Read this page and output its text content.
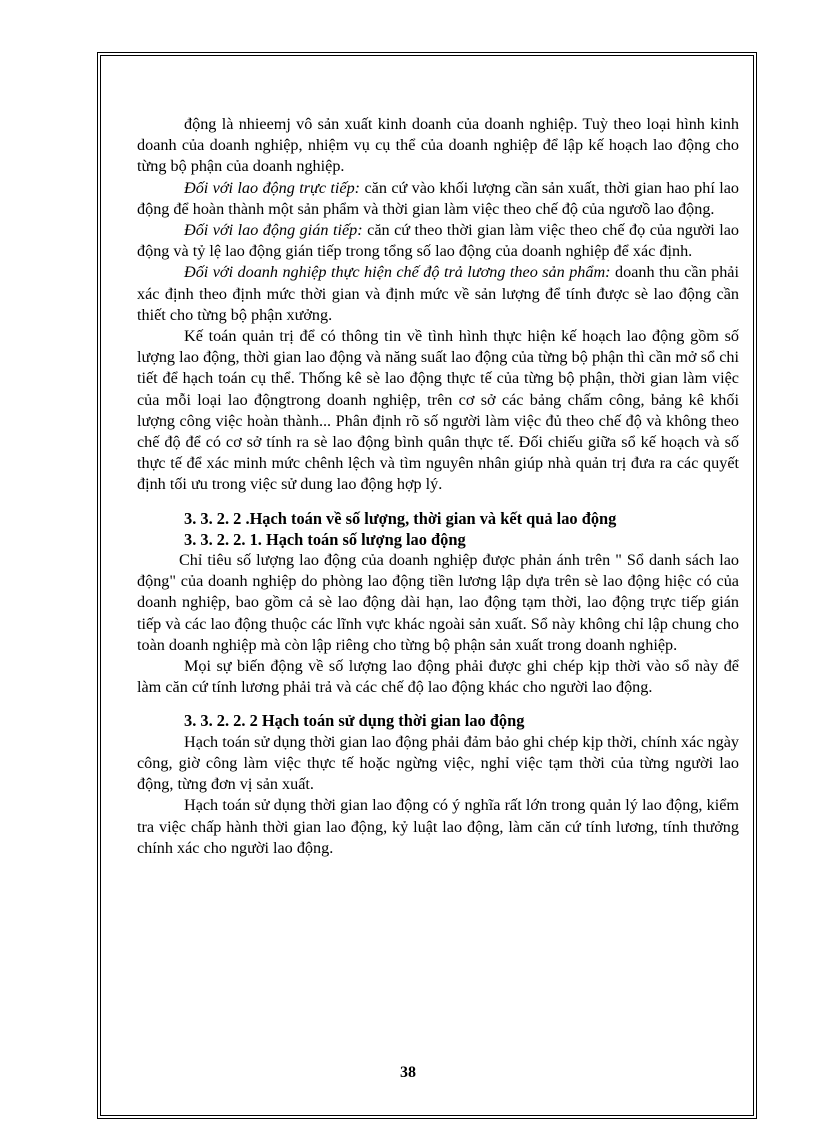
động là nhieemj vô sản xuất kinh doanh của doanh nghiệp. Tuỳ theo loại hình kinh doanh của doanh nghiệp, nhiệm vụ cụ thể của doanh nghiệp để lập kế hoạch lao động cho từng bộ phận của doanh nghiệp.

Đối với lao động trực tiếp: căn cứ vào khối lượng cần sản xuất, thời gian hao phí lao động để hoàn thành một sản phẩm và thời gian làm việc theo chế độ của ngươồ lao động.

Đối với lao động gián tiếp: căn cứ theo thời gian làm việc theo chế đọ của người lao động và tỷ lệ lao động gián tiếp trong tổng số lao động của doanh nghiệp để xác định.

Đối với doanh nghiệp thực hiện chế độ trả lương theo sản phẩm: doanh thu cần phải xác định theo định mức thời gian và định mức về sản lượng để tính được sè lao động cần thiết cho từng bộ phận xưởng.

Kế toán quản trị để có thông tin về tình hình thực hiện kế hoạch lao động gồm số lượng lao động, thời gian lao động và năng suất lao động của từng bộ phận thì cần mở sổ chi tiết để hạch toán cụ thể. Thống kê sè lao động thực tế của từng bộ phận, thời gian làm việc của mỗi loại lao độngtrong doanh nghiệp, trên cơ sở các bảng chấm công, bảng kê khối lượng công việc hoàn thành... Phân định rõ số người làm việc đủ theo chế độ và không theo chế độ để có cơ sở tính ra sè lao động bình quân thực tế. Đối chiếu giữa sổ kế hoạch và số thực tế để xác minh mức chênh lệch và tìm nguyên nhân giúp nhà quản trị đưa ra các quyết định tối ưu trong việc sử dung lao động hợp lý.

3. 3. 2. 2 .Hạch toán về số lượng, thời gian và kết quả lao động

3. 3. 2. 2. 1. Hạch toán số lượng lao động

Chỉ tiêu số lượng lao động của doanh nghiệp được phản ánh trên " Sổ danh sách lao động" của doanh nghiệp do phòng lao động tiền lương lập dựa trên sè lao động hiệc có của doanh nghiệp, bao gồm cả sè lao động dài hạn, lao động tạm thời, lao động trực tiếp gián tiếp và các lao động thuộc các lĩnh vực khác ngoài sản xuất. Sổ này không chỉ lập chung cho toàn doanh nghiệp mà còn lập riêng cho từng bộ phận sản xuất trong doanh nghiệp.

Mọi sự biến động về số lượng lao động phải được ghi chép kịp thời vào sổ này để làm căn cứ tính lương phải trả và các chế độ lao động khác cho người lao động.

3. 3. 2. 2. 2 Hạch toán sử dụng thời gian lao động

Hạch toán sử dụng thời gian lao động phải đảm bảo ghi chép kịp thời, chính xác ngày công, giờ công làm việc thực tế hoặc ngừng việc, nghỉ việc tạm thời của từng người lao động, từng đơn vị sản xuất.

Hạch toán sử dụng thời gian lao động có ý nghĩa rất lớn trong quản lý lao động, kiểm tra việc chấp hành thời gian lao động, kỷ luật lao động, làm căn cứ tính lương, tính thưởng chính xác cho người lao động.

38
